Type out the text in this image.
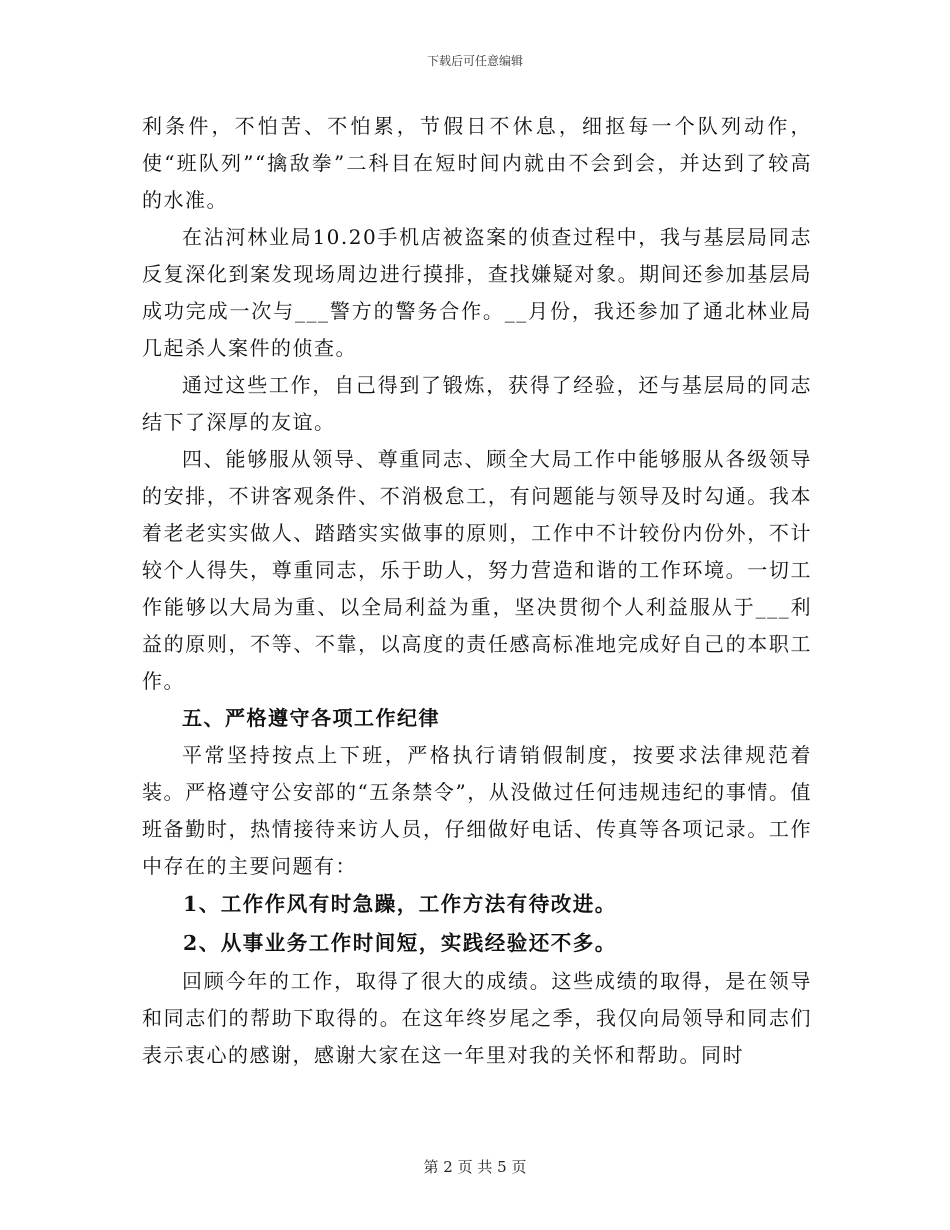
下载后可任意编辑

利条件，不怕苦、不怕累，节假日不休息，细抠每一个队列动作，使“班队列”“擒敌拳”二科目在短时间内就由不会到会，并达到了较高的水准。

在沾河林业局10.20手机店被盗案的侦查过程中，我与基层局同志反复深化到案发现场周边进行摸排，查找嫌疑对象。期间还参加基层局成功完成一次与___警方的警务合作。__月份，我还参加了通北林业局几起杀人案件的侦查。

通过这些工作，自己得到了锻炼，获得了经验，还与基层局的同志结下了深厚的友谊。

四、能够服从领导、尊重同志、顾全大局工作中能够服从各级领导的安排，不讲客观条件、不消极怠工，有问题能与领导及时勾通。我本着老老实实做人、踏踏实实做事的原则，工作中不计较份内份外，不计较个人得失，尊重同志，乐于助人，努力营造和谐的工作环境。一切工作能够以大局为重、以全局利益为重，坚决贯彻个人利益服从于___利益的原则，不等、不靠，以高度的责任感高标准地完成好自己的本职工作。

五、严格遵守各项工作纪律

平常坚持按点上下班，严格执行请销假制度，按要求法律规范着装。严格遵守公安部的“五条禁令”，从没做过任何违规违纪的事情。值班备勤时，热情接待来访人员，仔细做好电话、传真等各项记录。工作中存在的主要问题有：

1、工作作风有时急躁，工作方法有待改进。

2、从事业务工作时间短，实践经验还不多。

回顾今年的工作，取得了很大的成绩。这些成绩的取得，是在领导和同志们的帮助下取得的。在这年终岁尾之季，我仅向局领导和同志们表示衷心的感谢，感谢大家在这一年里对我的关怀和帮助。同时

第 2 页 共 5 页
